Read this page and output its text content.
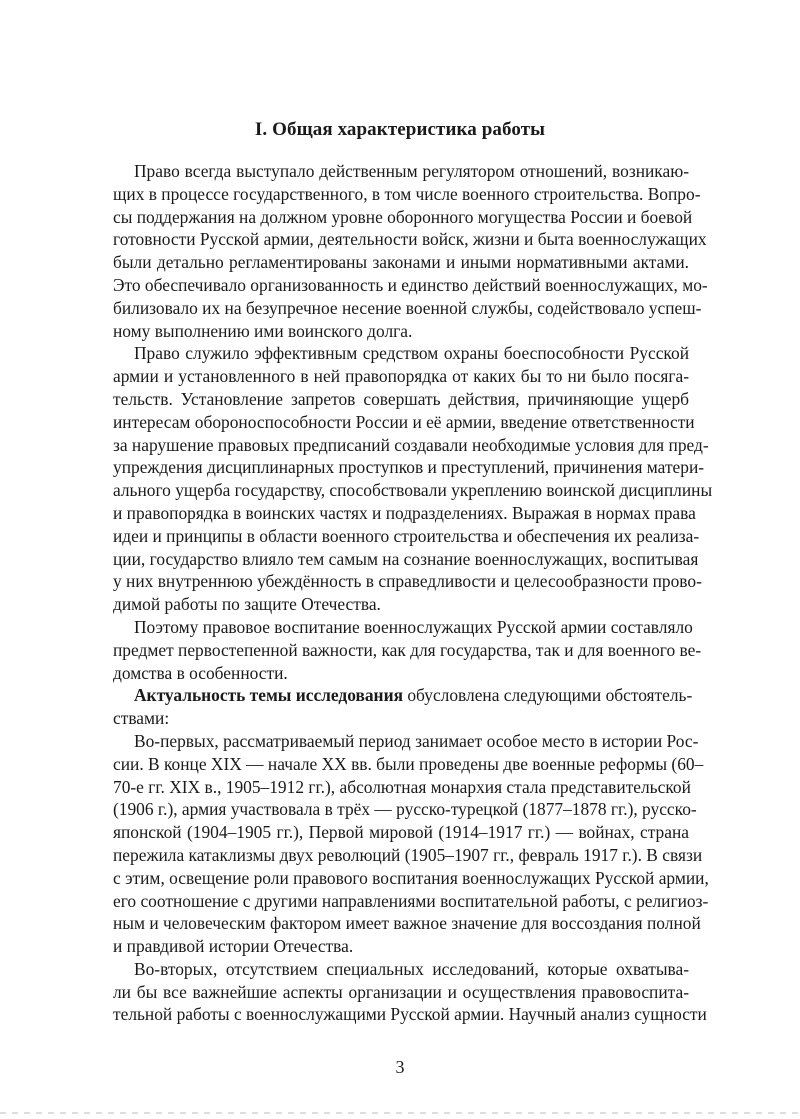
I. Общая характеристика работы
Право всегда выступало действенным регулятором отношений, возникаю-
щих в процессе государственного, в том числе военного строительства. Вопро-
сы поддержания на должном уровне оборонного могущества России и боевой
готовности Русской армии, деятельности войск, жизни и быта военнослужащих
были детально регламентированы законами и иными нормативными актами.
Это обеспечивало организованность и единство действий военнослужащих, мо-
билизовало их на безупречное несение военной службы, содействовало успеш-
ному выполнению ими воинского долга.
Право служило эффективным средством охраны боеспособности Русской
армии и установленного в ней правопорядка от каких бы то ни было посяга-
тельств. Установление запретов совершать действия, причиняющие ущерб
интересам обороноспособности России и её армии, введение ответственности
за нарушение правовых предписаний создавали необходимые условия для пред-
упреждения дисциплинарных проступков и преступлений, причинения матери-
ального ущерба государству, способствовали укреплению воинской дисциплины
и правопорядка в воинских частях и подразделениях. Выражая в нормах права
идеи и принципы в области военного строительства и обеспечения их реализа-
ции, государство влияло тем самым на сознание военнослужащих, воспитывая
у них внутреннюю убеждённость в справедливости и целесообразности прово-
димой работы по защите Отечества.
Поэтому правовое воспитание военнослужащих Русской армии составляло
предмет первостепенной важности, как для государства, так и для военного ве-
домства в особенности.
Актуальность темы исследования обусловлена следующими обстоятель-
ствами:
Во-первых, рассматриваемый период занимает особое место в истории Рос-
сии. В конце XIX — начале XX вв. были проведены две военные реформы (60–
70-е гг. XIX в., 1905–1912 гг.), абсолютная монархия стала представительской
(1906 г.), армия участвовала в трёх — русско-турецкой (1877–1878 гг.), русско-
японской (1904–1905 гг.), Первой мировой (1914–1917 гг.) — войнах, страна
пережила катаклизмы двух революций (1905–1907 гг., февраль 1917 г.). В связи
с этим, освещение роли правового воспитания военнослужащих Русской армии,
его соотношение с другими направлениями воспитательной работы, с религиоз-
ным и человеческим фактором имеет важное значение для воссоздания полной
и правдивой истории Отечества.
Во-вторых, отсутствием специальных исследований, которые охватыва-
ли бы все важнейшие аспекты организации и осуществления правовоспита-
тельной работы с военнослужащими Русской армии. Научный анализ сущности
3
